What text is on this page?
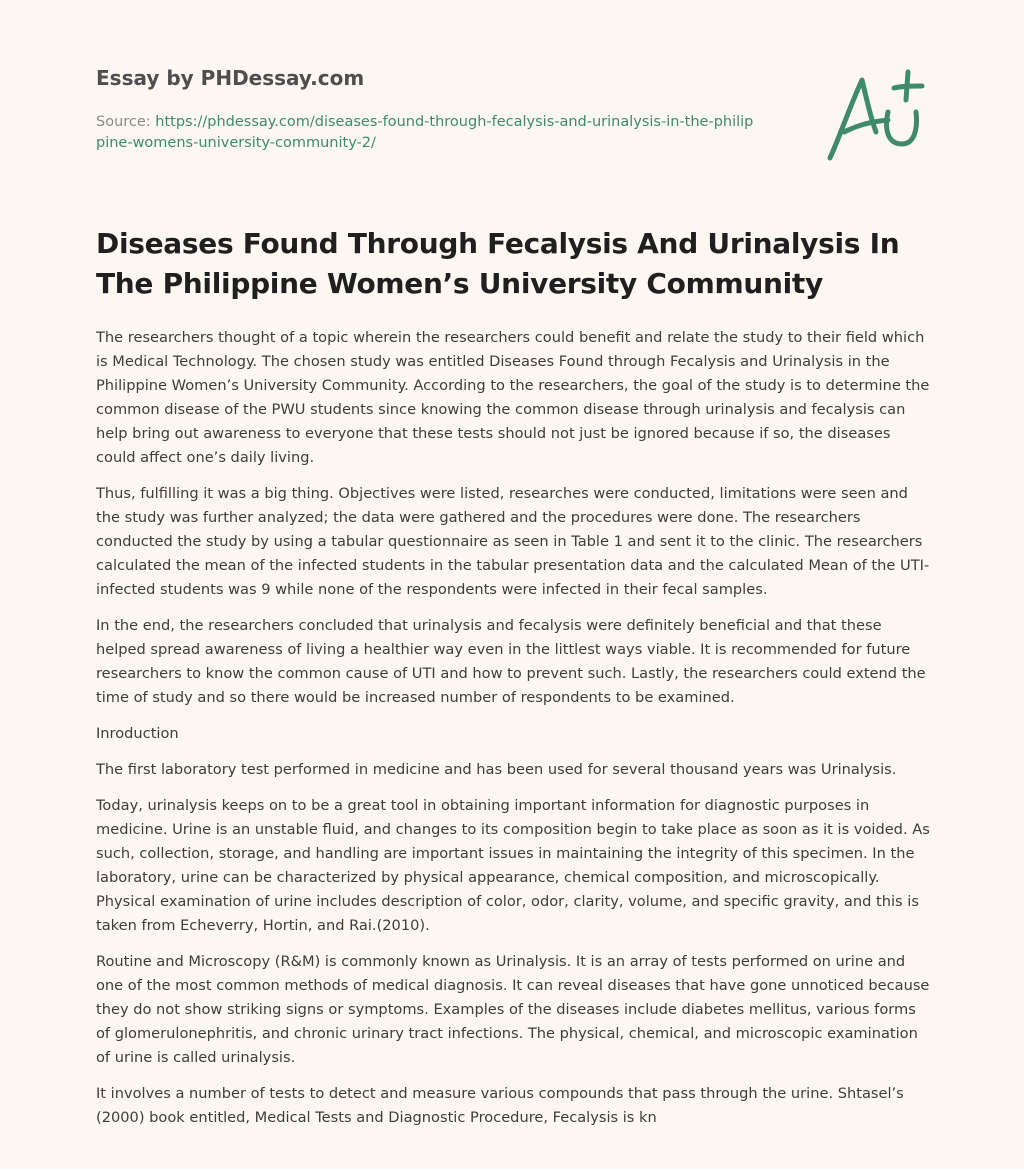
Essay by PHDessay.com
Source: https://phdessay.com/diseases-found-through-fecalysis-and-urinalysis-in-the-philippine-womens-university-community-2/
Diseases Found Through Fecalysis And Urinalysis In The Philippine Women’s University Community

The researchers thought of a topic wherein the researchers could benefit and relate the study to their field which is Medical Technology. The chosen study was entitled Diseases Found through Fecalysis and Urinalysis in the Philippine Women’s University Community. According to the researchers, the goal of the study is to determine the common disease of the PWU students since knowing the common disease through urinalysis and fecalysis can help bring out awareness to everyone that these tests should not just be ignored because if so, the diseases could affect one’s daily living.

Thus, fulfilling it was a big thing. Objectives were listed, researches were conducted, limitations were seen and the study was further analyzed; the data were gathered and the procedures were done. The researchers conducted the study by using a tabular questionnaire as seen in Table 1 and sent it to the clinic. The researchers calculated the mean of the infected students in the tabular presentation data and the calculated Mean of the UTI-infected students was 9 while none of the respondents were infected in their fecal samples.

In the end, the researchers concluded that urinalysis and fecalysis were definitely beneficial and that these helped spread awareness of living a healthier way even in the littlest ways viable. It is recommended for future researchers to know the common cause of UTI and how to prevent such. Lastly, the researchers could extend the time of study and so there would be increased number of respondents to be examined.

Inroduction

The first laboratory test performed in medicine and has been used for several thousand years was Urinalysis.

Today, urinalysis keeps on to be a great tool in obtaining important information for diagnostic purposes in medicine. Urine is an unstable fluid, and changes to its composition begin to take place as soon as it is voided. As such, collection, storage, and handling are important issues in maintaining the integrity of this specimen. In the laboratory, urine can be characterized by physical appearance, chemical composition, and microscopically. Physical examination of urine includes description of color, odor, clarity, volume, and specific gravity, and this is taken from Echeverry, Hortin, and Rai.(2010).

Routine and Microscopy (R&M) is commonly known as Urinalysis. It is an array of tests performed on urine and one of the most common methods of medical diagnosis. It can reveal diseases that have gone unnoticed because they do not show striking signs or symptoms. Examples of the diseases include diabetes mellitus, various forms of glomerulonephritis, and chronic urinary tract infections. The physical, chemical, and microscopic examination of urine is called urinalysis.

It involves a number of tests to detect and measure various compounds that pass through the urine. Shtasel’s (2000) book entitled, Medical Tests and Diagnostic Procedure, Fecalysis is kn
